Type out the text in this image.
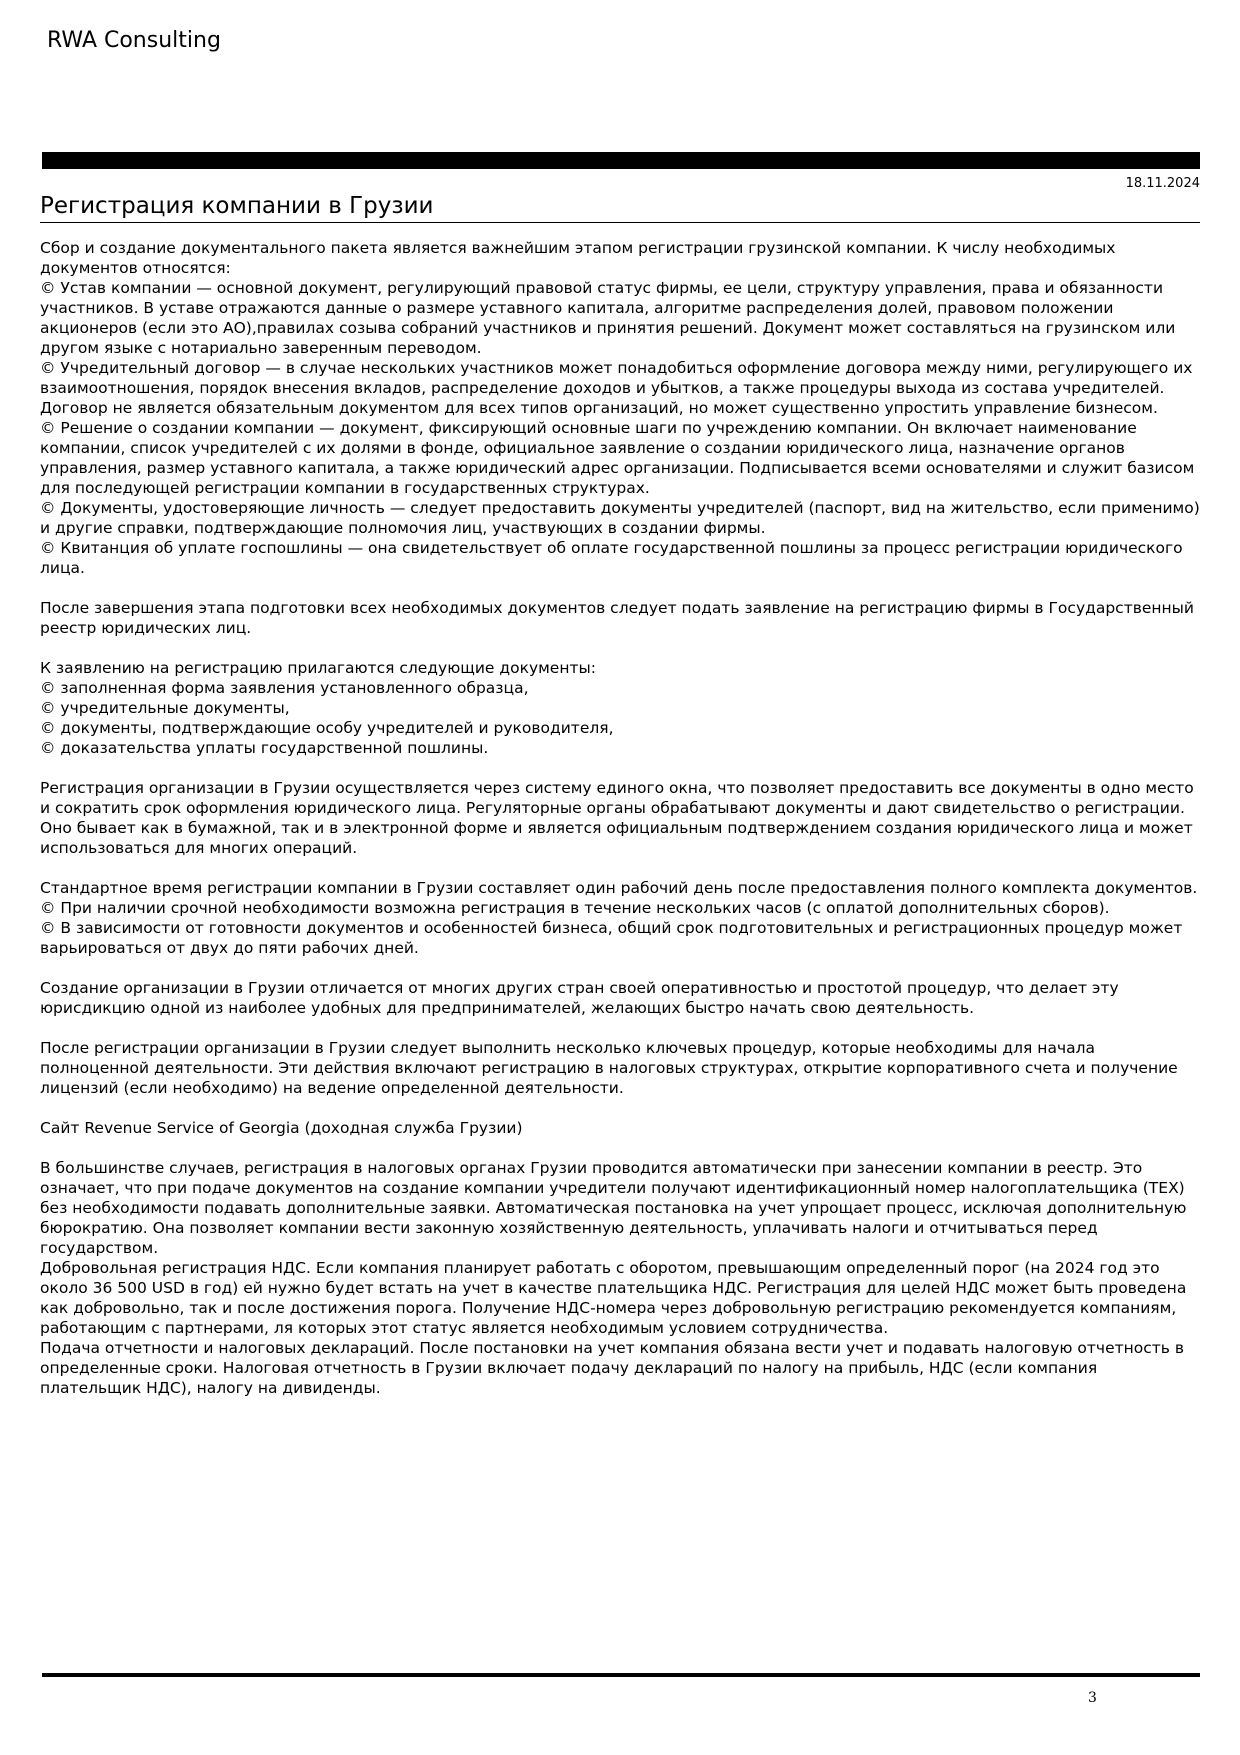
RWA Consulting
18.11.2024
Регистрация компании в Грузии
Сбор и создание документального пакета является важнейшим этапом регистрации грузинской компании. К числу необходимых документов относятся:
© Устав компании — основной документ, регулирующий правовой статус фирмы, ее цели, структуру управления, права и обязанности участников. В уставе отражаются данные о размере уставного капитала, алгоритме распределения долей, правовом положении акционеров (если это АО),правилах созыва собраний участников и принятия решений. Документ может составляться на грузинском или другом языке с нотариально заверенным переводом.
© Учредительный договор — в случае нескольких участников может понадобиться оформление договора между ними, регулирующего их взаимоотношения, порядок внесения вкладов, распределение доходов и убытков, а также процедуры выхода из состава учредителей. Договор не является обязательным документом для всех типов организаций, но может существенно упростить управление бизнесом.
© Решение о создании компании — документ, фиксирующий основные шаги по учреждению компании. Он включает наименование компании, список учредителей с их долями в фонде, официальное заявление о создании юридического лица, назначение органов управления, размер уставного капитала, а также юридический адрес организации. Подписывается всеми основателями и служит базисом для последующей регистрации компании в государственных структурах.
© Документы, удостоверяющие личность — следует предоставить документы учредителей (паспорт, вид на жительство, если применимо) и другие справки, подтверждающие полномочия лиц, участвующих в создании фирмы.
© Квитанция об уплате госпошлины — она свидетельствует об оплате государственной пошлины за процесс регистрации юридического лица.
После завершения этапа подготовки всех необходимых документов следует подать заявление на регистрацию фирмы в Государственный реестр юридических лиц.
К заявлению на регистрацию прилагаются следующие документы:
© заполненная форма заявления установленного образца,
© учредительные документы,
© документы, подтверждающие особу учредителей и руководителя,
© доказательства уплаты государственной пошлины.
Регистрация организации в Грузии осуществляется через систему единого окна, что позволяет предоставить все документы в одно место и сократить срок оформления юридического лица. Регуляторные органы обрабатывают документы и дают свидетельство о регистрации. Оно бывает как в бумажной, так и в электронной форме и является официальным подтверждением создания юридического лица и может использоваться для многих операций.
Стандартное время регистрации компании в Грузии составляет один рабочий день после предоставления полного комплекта документов.
© При наличии срочной необходимости возможна регистрация в течение нескольких часов (с оплатой дополнительных сборов).
© В зависимости от готовности документов и особенностей бизнеса, общий срок подготовительных и регистрационных процедур может варьироваться от двух до пяти рабочих дней.
Создание организации в Грузии отличается от многих других стран своей оперативностью и простотой процедур, что делает эту юрисдикцию одной из наиболее удобных для предпринимателей, желающих быстро начать свою деятельность.
После регистрации организации в Грузии следует выполнить несколько ключевых процедур, которые необходимы для начала полноценной деятельности. Эти действия включают регистрацию в налоговых структурах, открытие корпоративного счета и получение лицензий (если необходимо) на ведение определенной деятельности.
Сайт Revenue Service of Georgia (доходная служба Грузии)
В большинстве случаев, регистрация в налоговых органах Грузии проводится автоматически при занесении компании в реестр. Это означает, что при подаче документов на создание компании учредители получают идентификационный номер налогоплательщика (TEX) без необходимости подавать дополнительные заявки. Автоматическая постановка на учет упрощает процесс, исключая дополнительную бюрократию. Она позволяет компании вести законную хозяйственную деятельность, уплачивать налоги и отчитываться перед государством.
Добровольная регистрация НДС. Если компания планирует работать с оборотом, превышающим определенный порог (на 2024 год это около 36 500 USD в год) ей нужно будет встать на учет в качестве плательщика НДС. Регистрация для целей НДС может быть проведена как добровольно, так и после достижения порога. Получение НДС-номера через добровольную регистрацию рекомендуется компаниям, работающим с партнерами, ля которых этот статус является необходимым условием сотрудничества.
Подача отчетности и налоговых деклараций. После постановки на учет компания обязана вести учет и подавать налоговую отчетность в определенные сроки. Налоговая отчетность в Грузии включает подачу деклараций по налогу на прибыль, НДС (если компания плательщик НДС), налогу на дивиденды.
3
